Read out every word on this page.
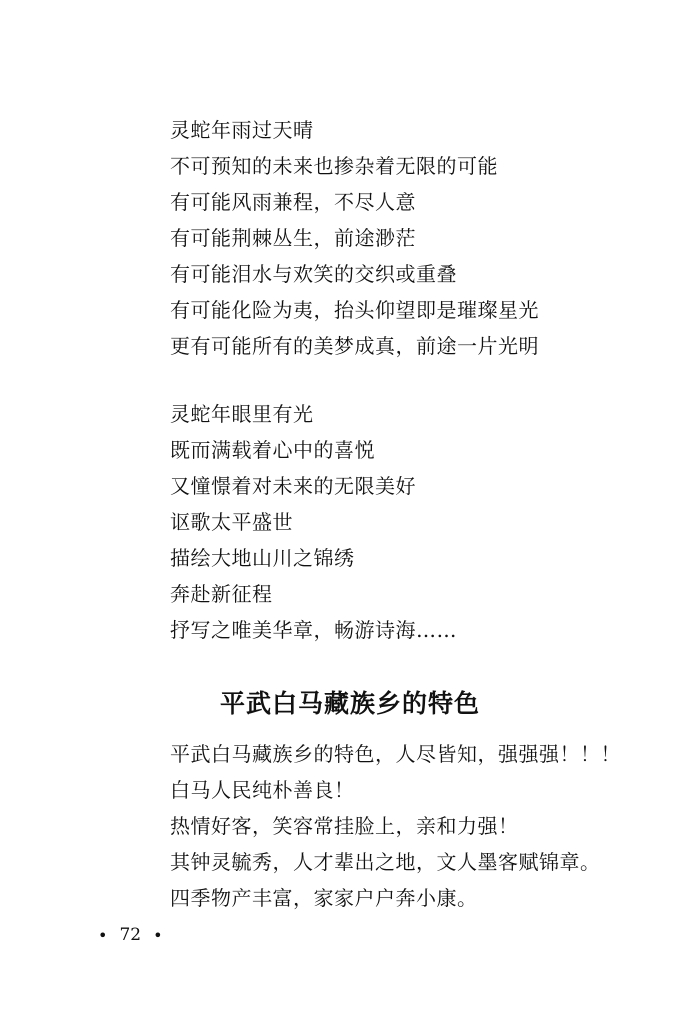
灵蛇年雨过天晴
不可预知的未来也掺杂着无限的可能
有可能风雨兼程，不尽人意
有可能荆棘丛生，前途渺茫
有可能泪水与欢笑的交织或重叠
有可能化险为夷，抬头仰望即是璀璨星光
更有可能所有的美梦成真，前途一片光明
灵蛇年眼里有光
既而满载着心中的喜悦
又憧憬着对未来的无限美好
讴歌太平盛世
描绘大地山川之锦绣
奔赴新征程
抒写之唯美华章，畅游诗海……
平武白马藏族乡的特色
平武白马藏族乡的特色，人尽皆知，强强强！！！
白马人民纯朴善良！
热情好客，笑容常挂脸上，亲和力强！
其钟灵毓秀，人才辈出之地，文人墨客赋锦章。
四季物产丰富，家家户户奔小康。
• 72 •
